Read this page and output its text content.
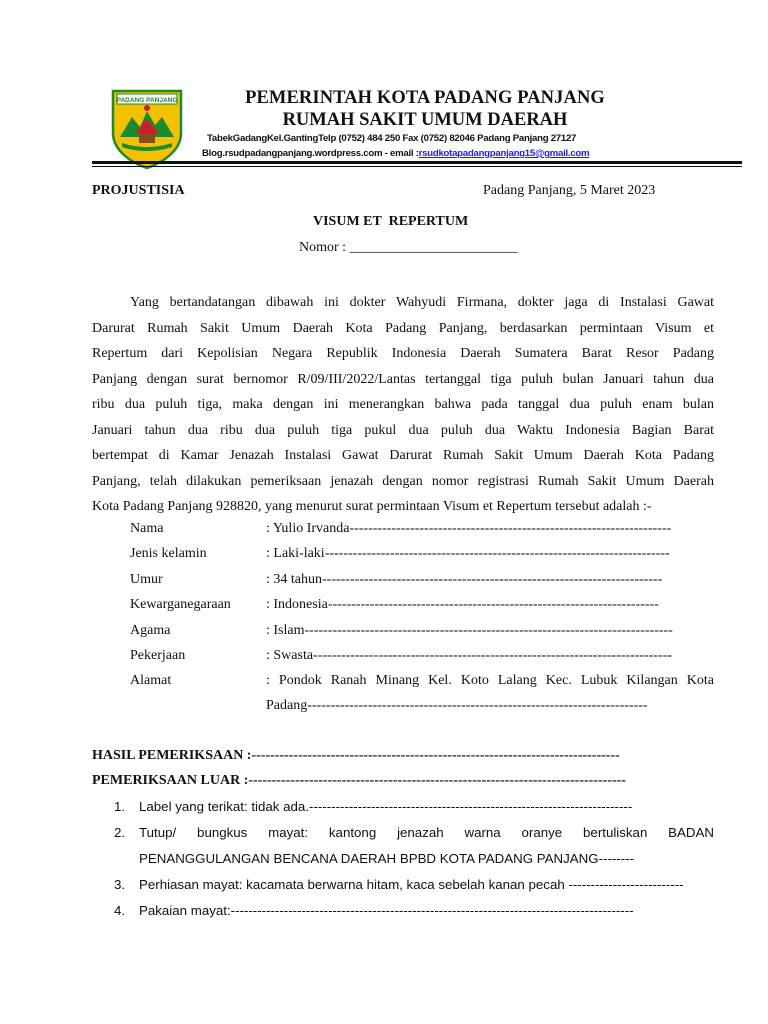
PADANG PANJANG	PEMERINTAH KOTA PADANG PANJANG
RUMAH SAKIT UMUM DAERAH
TabekGadangKel.GantingTelp (0752) 484 250 Fax (0752) 82046 Padang Panjang 27127
Blog.rsudpadangpanjang.wordpress.com - email :rsudkotapadangpanjang15@gmail.com
PROJUSTISIA	Padang Panjang, 5 Maret 2023
VISUM ET  REPERTUM
Nomor : ________________________
Yang bertandatangan dibawah ini dokter Wahyudi Firmana, dokter jaga di Instalasi Gawat
Darurat Rumah Sakit Umum Daerah Kota Padang Panjang, berdasarkan permintaan Visum et
Repertum dari Kepolisian Negara Republik Indonesia Daerah Sumatera Barat Resor Padang
Panjang dengan surat bernomor R/09/III/2022/Lantas tertanggal tiga puluh bulan Januari tahun dua
ribu dua puluh tiga, maka dengan ini menerangkan bahwa pada tanggal dua puluh enam bulan
Januari tahun dua ribu dua puluh tiga pukul dua puluh dua Waktu Indonesia Bagian Barat
bertempat di Kamar Jenazah Instalasi Gawat Darurat Rumah Sakit Umum Daerah Kota Padang
Panjang, telah dilakukan pemeriksaan jenazah dengan nomor registrasi Rumah Sakit Umum Daerah
Kota Padang Panjang 928820, yang menurut surat permintaan Visum et Repertum tersebut adalah :-
Nama	: Yulio Irvanda---------------------------------------------------------------------
Jenis kelamin	: Laki-laki--------------------------------------------------------------------------
Umur	: 34 tahun-------------------------------------------------------------------------
Kewarganegaraan	: Indonesia-----------------------------------------------------------------------
Agama	: Islam-------------------------------------------------------------------------------
Pekerjaan	: Swasta-----------------------------------------------------------------------------
Alamat	: Pondok Ranah Minang Kel. Koto Lalang Kec. Lubuk Kilangan Kota
Padang-------------------------------------------------------------------------
HASIL PEMERIKSAAN :-------------------------------------------------------------------------------
PEMERIKSAAN LUAR :---------------------------------------------------------------------------------
1. Label yang terikat: tidak ada.-------------------------------------------------------------------------
2. Tutup/  bungkus  mayat:  kantong  jenazah  warna  oranye  bertuliskan  BADAN
PENANGGULANGAN BENCANA DAERAH BPBD KOTA PADANG PANJANG--------
3. Perhiasan mayat: kacamata berwarna hitam, kaca sebelah kanan pecah --------------------------
4. Pakaian mayat:-------------------------------------------------------------------------------------------
